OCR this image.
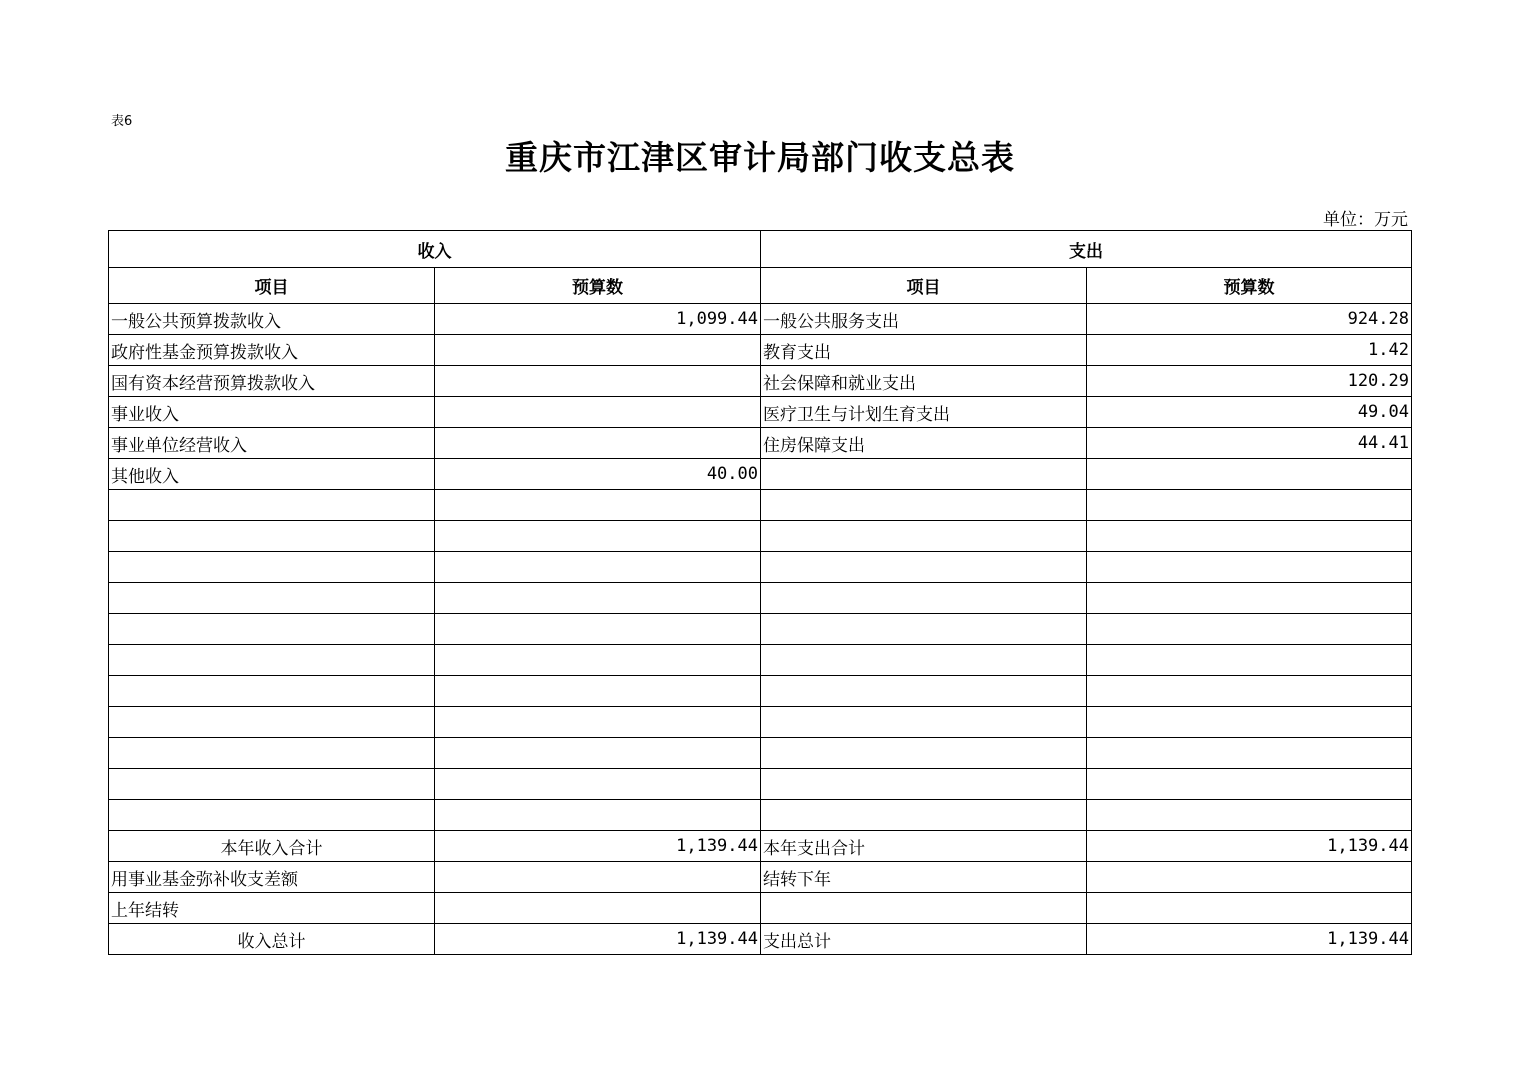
表6
重庆市江津区审计局部门收支总表
单位：万元
收入		支出	
项目	预算数	项目	预算数
一般公共预算拨款收入	1,099.44	一般公共服务支出	924.28
政府性基金预算拨款收入		教育支出	1.42
国有资本经营预算拨款收入		社会保障和就业支出	120.29
事业收入		医疗卫生与计划生育支出	49.04
事业单位经营收入		住房保障支出	44.41
其他收入	40.00		

本年收入合计	1,139.44	本年支出合计	1,139.44
用事业基金弥补收支差额		结转下年	
上年结转			
收入总计	1,139.44	支出总计	1,139.44
